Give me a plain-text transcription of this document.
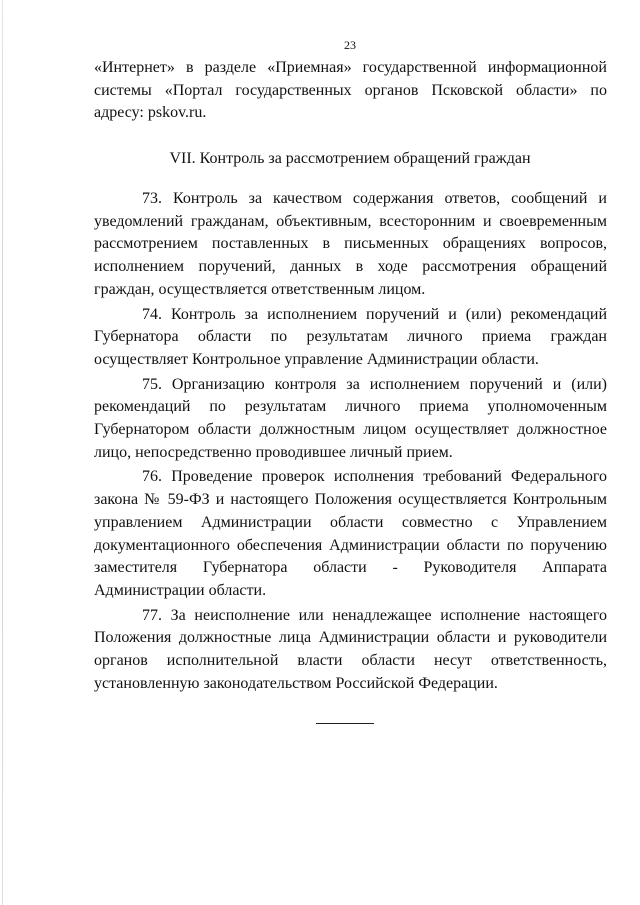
23

«Интернет» в разделе «Приемная» государственной информационной системы «Портал государственных органов Псковской области» по адресу: pskov.ru.

VII. Контроль за рассмотрением обращений граждан

73. Контроль за качеством содержания ответов, сообщений и уведомлений гражданам, объективным, всесторонним и своевременным рассмотрением поставленных в письменных обращениях вопросов, исполнением поручений, данных в ходе рассмотрения обращений граждан, осуществляется ответственным лицом.

74. Контроль за исполнением поручений и (или) рекомендаций Губернатора области по результатам личного приема граждан осуществляет Контрольное управление Администрации области.

75. Организацию контроля за исполнением поручений и (или) рекомендаций по результатам личного приема уполномоченным Губернатором области должностным лицом осуществляет должностное лицо, непосредственно проводившее личный прием.

76. Проведение проверок исполнения требований Федерального закона № 59-ФЗ и настоящего Положения осуществляется Контрольным управлением Администрации области совместно с Управлением документационного обеспечения Администрации области по поручению заместителя Губернатора области - Руководителя Аппарата Администрации области.

77. За неисполнение или ненадлежащее исполнение настоящего Положения должностные лица Администрации области и руководители органов исполнительной власти области несут ответственность, установленную законодательством Российской Федерации.
